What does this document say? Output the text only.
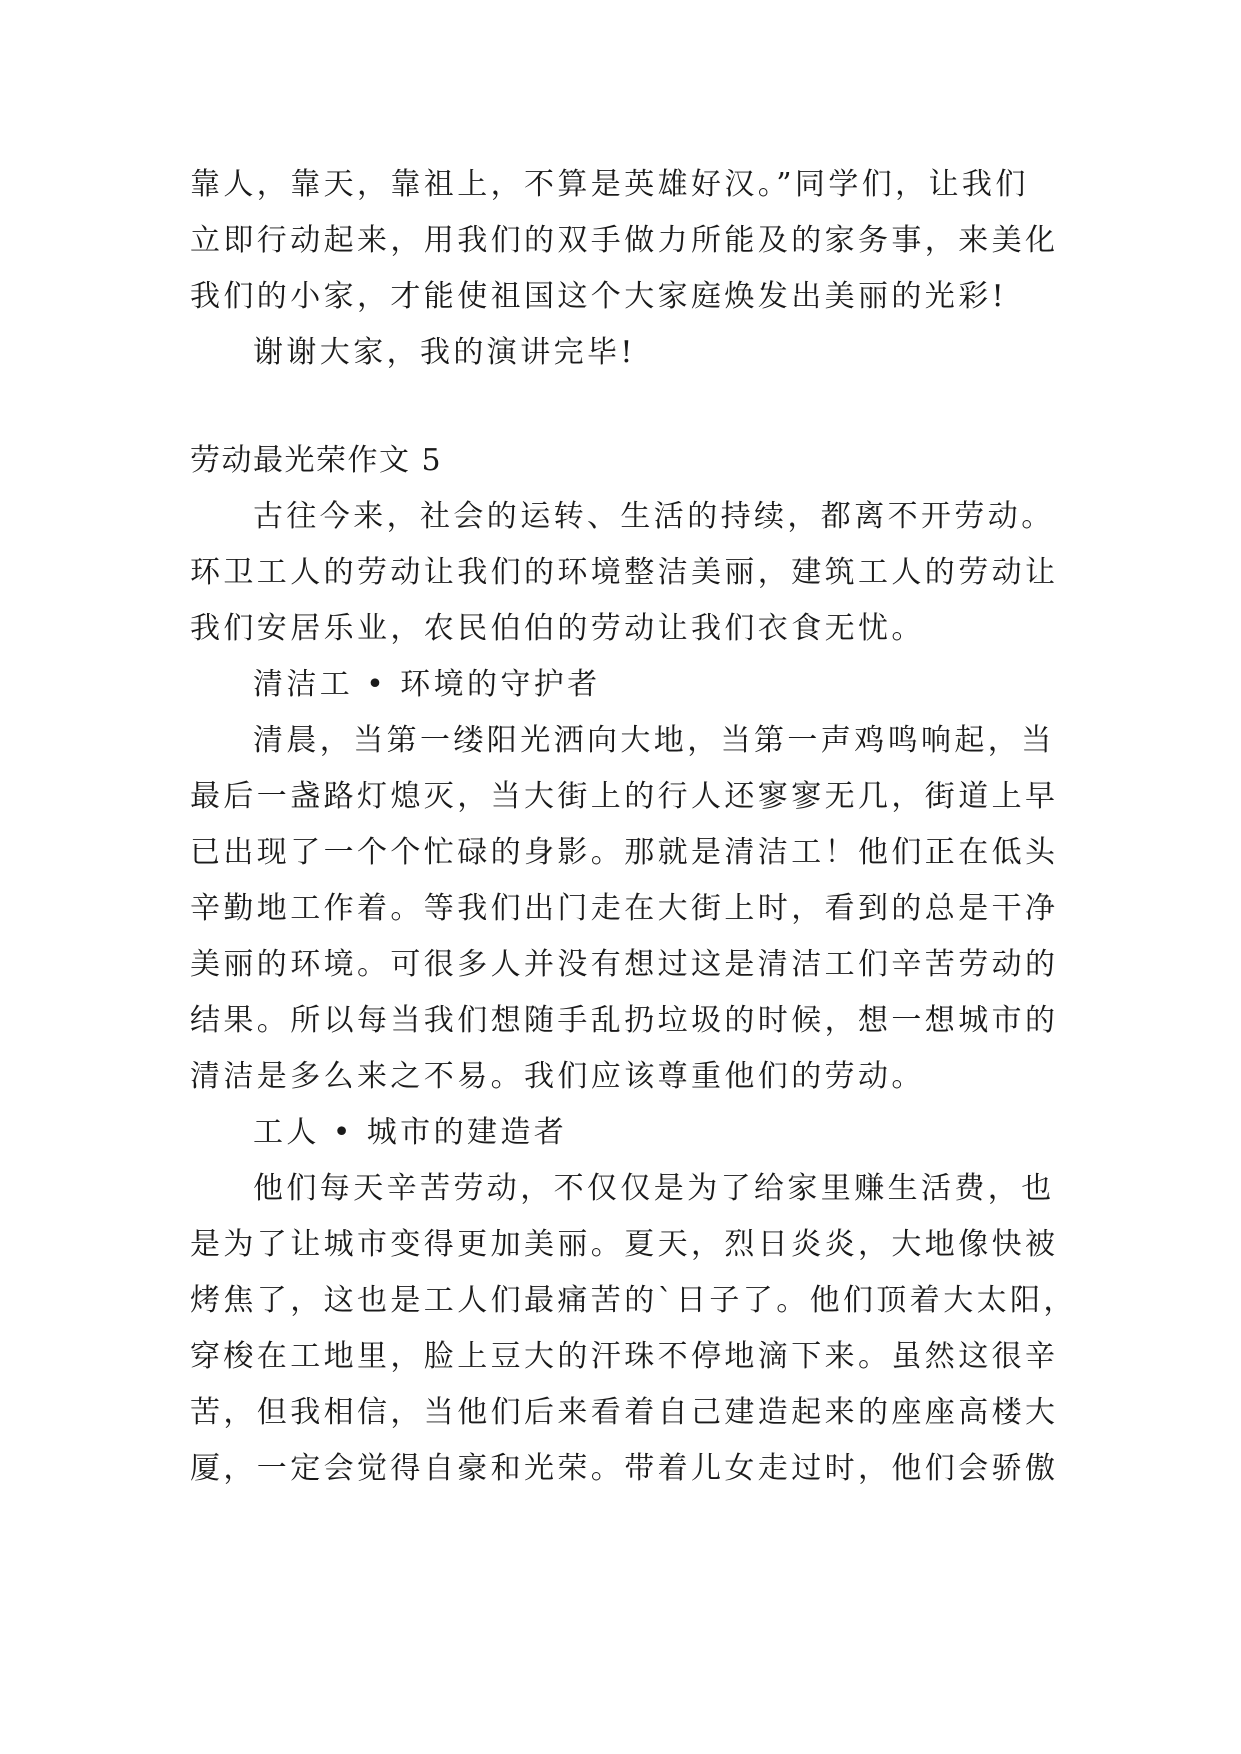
靠人，靠天，靠祖上，不算是英雄好汉。”同学们，让我们
立即行动起来，用我们的双手做力所能及的家务事，来美化
我们的小家，才能使祖国这个大家庭焕发出美丽的光彩!
谢谢大家，我的演讲完毕!
劳动最光荣作文 5
古往今来，社会的运转、生活的持续，都离不开劳动。
环卫工人的劳动让我们的环境整洁美丽，建筑工人的劳动让
我们安居乐业，农民伯伯的劳动让我们衣食无忧。
清洁工 • 环境的守护者
清晨，当第一缕阳光洒向大地，当第一声鸡鸣响起，当
最后一盏路灯熄灭，当大街上的行人还寥寥无几，街道上早
已出现了一个个忙碌的身影。那就是清洁工！他们正在低头
辛勤地工作着。等我们出门走在大街上时，看到的总是干净
美丽的环境。可很多人并没有想过这是清洁工们辛苦劳动的
结果。所以每当我们想随手乱扔垃圾的时候，想一想城市的
清洁是多么来之不易。我们应该尊重他们的劳动。
工人 • 城市的建造者
他们每天辛苦劳动，不仅仅是为了给家里赚生活费，也
是为了让城市变得更加美丽。夏天，烈日炎炎，大地像快被
烤焦了，这也是工人们最痛苦的`日子了。他们顶着大太阳，
穿梭在工地里，脸上豆大的汗珠不停地滴下来。虽然这很辛
苦，但我相信，当他们后来看着自己建造起来的座座高楼大
厦，一定会觉得自豪和光荣。带着儿女走过时，他们会骄傲
